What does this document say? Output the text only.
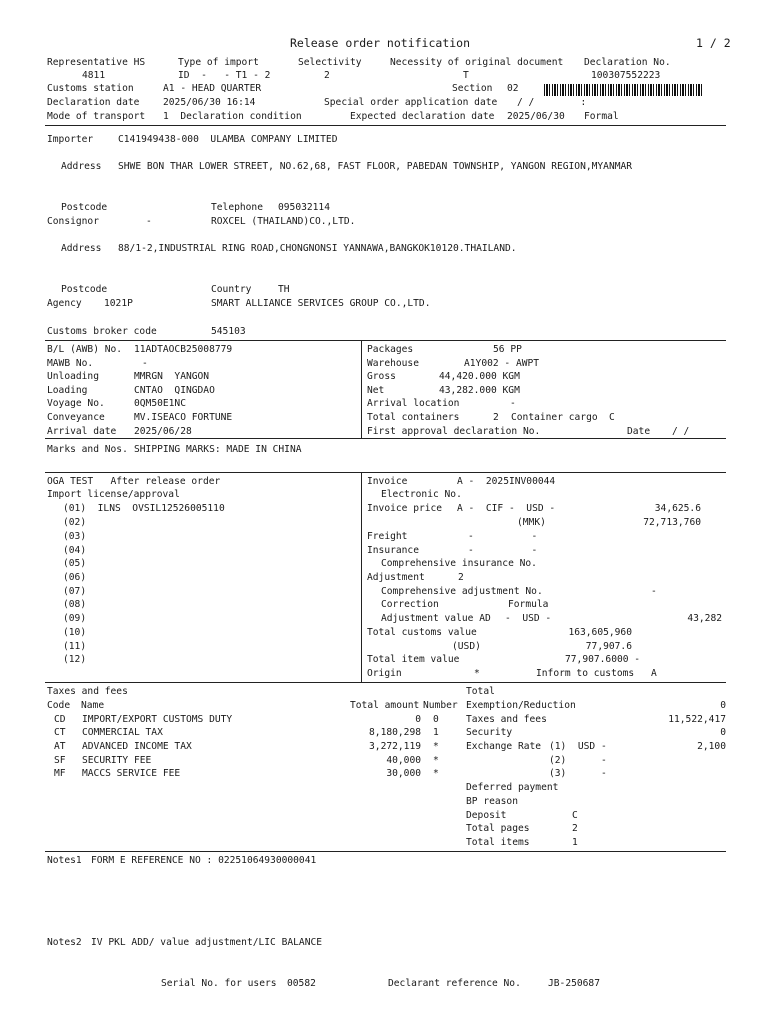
Release order notification	1 / 2
Representative HS	Type of import	Selectivity	Necessity of original document Declaration No.
4811	ID  -   - T1 - 2	2	T	100307552223
Customs station	A1 - HEAD QUARTER	Section 02
Declaration date 2025/06/30 16:14	Special order application date / /        :
Mode of transport 1  Declaration condition	Expected declaration date 2025/06/30 Formal
Importer	C141949438-000  ULAMBA COMPANY LIMITED
Address SHWE BON THAR LOWER STREET, NO.62,68, FAST FLOOR, PABEDAN TOWNSHIP, YANGON REGION,MYANMAR
Postcode	Telephone 095032114
Consignor	-	ROXCEL (THAILAND)CO.,LTD.
Address 88/1-2,INDUSTRIAL RING ROAD,CHONGNONSI YANNAWA,BANGKOK10120.THAILAND.
Postcode	Country	TH
Agency 1021P	SMART ALLIANCE SERVICES GROUP CO.,LTD.
Customs broker code	545103
B/L (AWB) No. 11ADTAOCB25008779
MAWB No.	-
Unloading	MMRGN  YANGON
Loading	CNTAO  QINGDAO
Voyage No.	0QM50E1NC
Conveyance	MV.ISEACO FORTUNE
Arrival date 2025/06/28
Packages	56 PP
Warehouse	A1Y002 - AWPT
Gross	44,420.000 KGM
Net	43,282.000 KGM
Arrival location	-
Total containers	2 Container cargo C
First approval declaration No.	Date / /
Marks and Nos. SHIPPING MARKS: MADE IN CHINA
OGA TEST   After release order
Import license/approval
(01)  ILNS  OVSIL12526005110
(02)
(03)
(04)
(05)
(06)
(07)
(08)
(09)
(10)
(11)
(12)
Invoice	A -  2025INV00044
Electronic No.
Invoice price A -  CIF -  USD -	34,625.6
(MMK)	72,713,760
Freight	-          -
Insurance	-          -
Comprehensive insurance No.
Adjustment	2
Comprehensive adjustment No.	-
Correction	Formula
Adjustment value AD -  USD -	43,282
Total customs value	163,605,960
(USD)	77,907.6
Total item value	77,907.6000 -
Origin	*	Inform to customs A
Taxes and fees	Total
Code Name	Total amount Number Exemption/Reduction	0
CD IMPORT/EXPORT CUSTOMS DUTY	0 0	Taxes and fees	11,522,417
CT COMMERCIAL TAX	8,180,298 1	Security	0
AT ADVANCED INCOME TAX	3,272,119 *	Exchange Rate (1)  USD -	2,100
SF SECURITY FEE	40,000 *	(2)      -
MF MACCS SERVICE FEE	30,000 *	(3)      -
Deferred payment
BP reason
Deposit	C
Total pages	2
Total items	1
Notes1 FORM E REFERENCE NO : 02251064930000041
Notes2 IV PKL ADD/ value adjustment/LIC BALANCE
Serial No. for users 00582	Declarant reference No.	JB-250687
